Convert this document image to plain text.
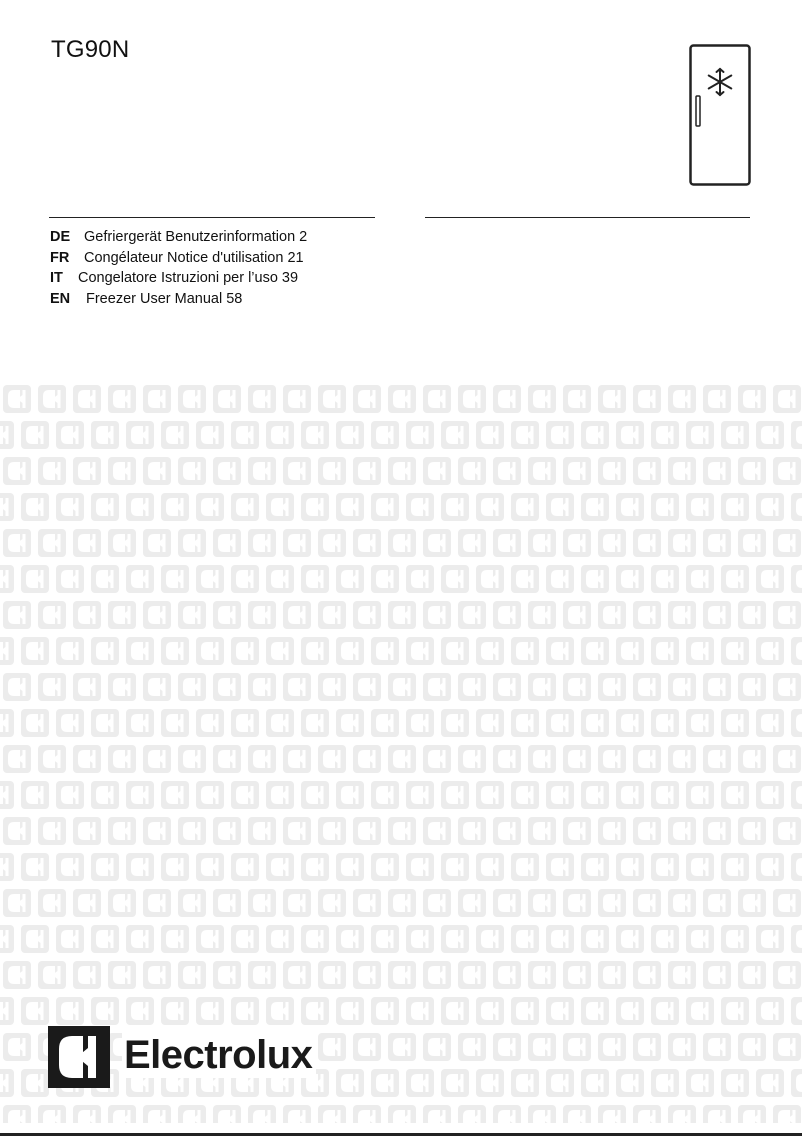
TG90N
DE Gefriergerät Benutzerinformation 2
FR	Congélateur Notice d'utilisation 21
IT	Congelatore Istruzioni per l’uso 39
EN	Freezer User Manual 58
Electrolux
